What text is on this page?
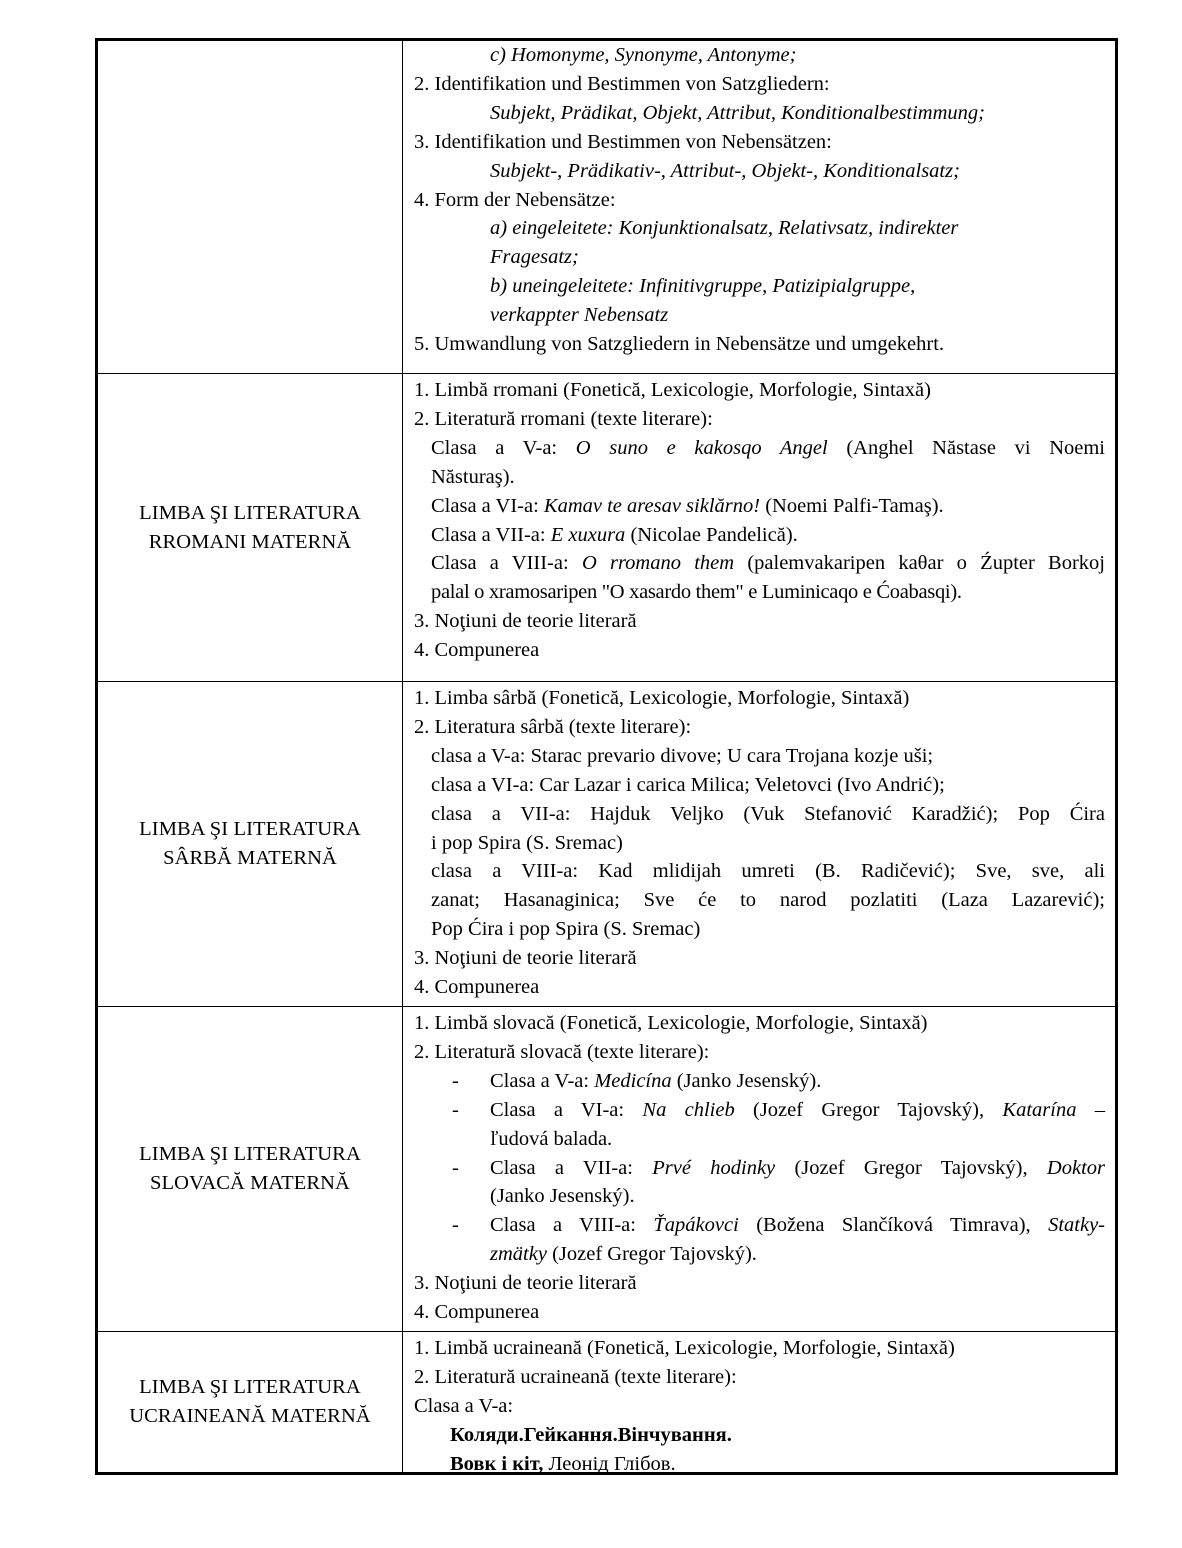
c) Homonyme, Synonyme, Antonyme;
2. Identifikation und Bestimmen von Satzgliedern:
Subjekt, Prädikat, Objekt, Attribut, Konditionalbestimmung;
3. Identifikation und Bestimmen von Nebensätzen:
Subjekt-, Prädikativ-, Attribut-, Objekt-, Konditionalsatz;
4. Form der Nebensätze:
a) eingeleitete: Konjunktionalsatz, Relativsatz, indirekter
Fragesatz;
b) uneingeleitete: Infinitivgruppe, Patizipialgruppe,
verkappter Nebensatz
5. Umwandlung von Satzgliedern in Nebensätze und umgekehrt.
LIMBA ŞI LITERATURA
RROMANI MATERNĂ
1. Limbă rromani (Fonetică, Lexicologie, Morfologie, Sintaxă)
2. Literatură rromani (texte literare):
Clasa a V-a: O suno e kakosqo Angel (Anghel Năstase vi Noemi
Năsturaş).
Clasa a VI-a: Kamav te aresav siklărno! (Noemi Palfi-Tamaş).
Clasa a VII-a: E xuxura (Nicolae Pandelică).
Clasa a VIII-a: O rromano them (palemvakaripen kaθar o Źupter Borkoj
palal o xramosaripen "O xasardo them" e Luminicaqo e Ćoabasqi).
3. Noţiuni de teorie literară
4. Compunerea
LIMBA ŞI LITERATURA
SÂRBĂ MATERNĂ
1. Limba sârbă (Fonetică, Lexicologie, Morfologie, Sintaxă)
2. Literatura sârbă (texte literare):
clasa a V-a: Starac prevario divove; U cara Trojana kozje uši;
clasa a VI-a: Car Lazar i carica Milica; Veletovci (Ivo Andrić);
clasa a VII-a: Hajduk Veljko (Vuk Stefanović Karadžić); Pop Ćira
i pop Spira (S. Sremac)
clasa a VIII-a: Kad mlidijah umreti (B. Radičević); Sve, sve, ali
zanat; Hasanaginica; Sve će to narod pozlatiti (Laza Lazarević);
Pop Ćira i pop Spira (S. Sremac)
3. Noţiuni de teorie literară
4. Compunerea
LIMBA ŞI LITERATURA
SLOVACĂ MATERNĂ
1. Limbă slovacă (Fonetică, Lexicologie, Morfologie, Sintaxă)
2. Literatură slovacă (texte literare):
-	Clasa a V-a: Medicína (Janko Jesenský).
-	Clasa a VI-a: Na chlieb (Jozef Gregor Tajovský), Katarína –
ľudová balada.
-	Clasa a VII-a: Prvé hodinky (Jozef Gregor Tajovský), Doktor
(Janko Jesenský).
-	Clasa a VIII-a: Ťapákovci (Božena Slančíková Timrava), Statky-
zmätky (Jozef Gregor Tajovský).
3. Noţiuni de teorie literară
4. Compunerea
LIMBA ŞI LITERATURA
UCRAINEANĂ MATERNĂ
1. Limbă ucraineană (Fonetică, Lexicologie, Morfologie, Sintaxă)
2. Literatură ucraineană (texte literare):
Clasa a V-a:
Коляди.Гейкання.Вінчування.
Вовк і кіт, Леонід Глібов.
